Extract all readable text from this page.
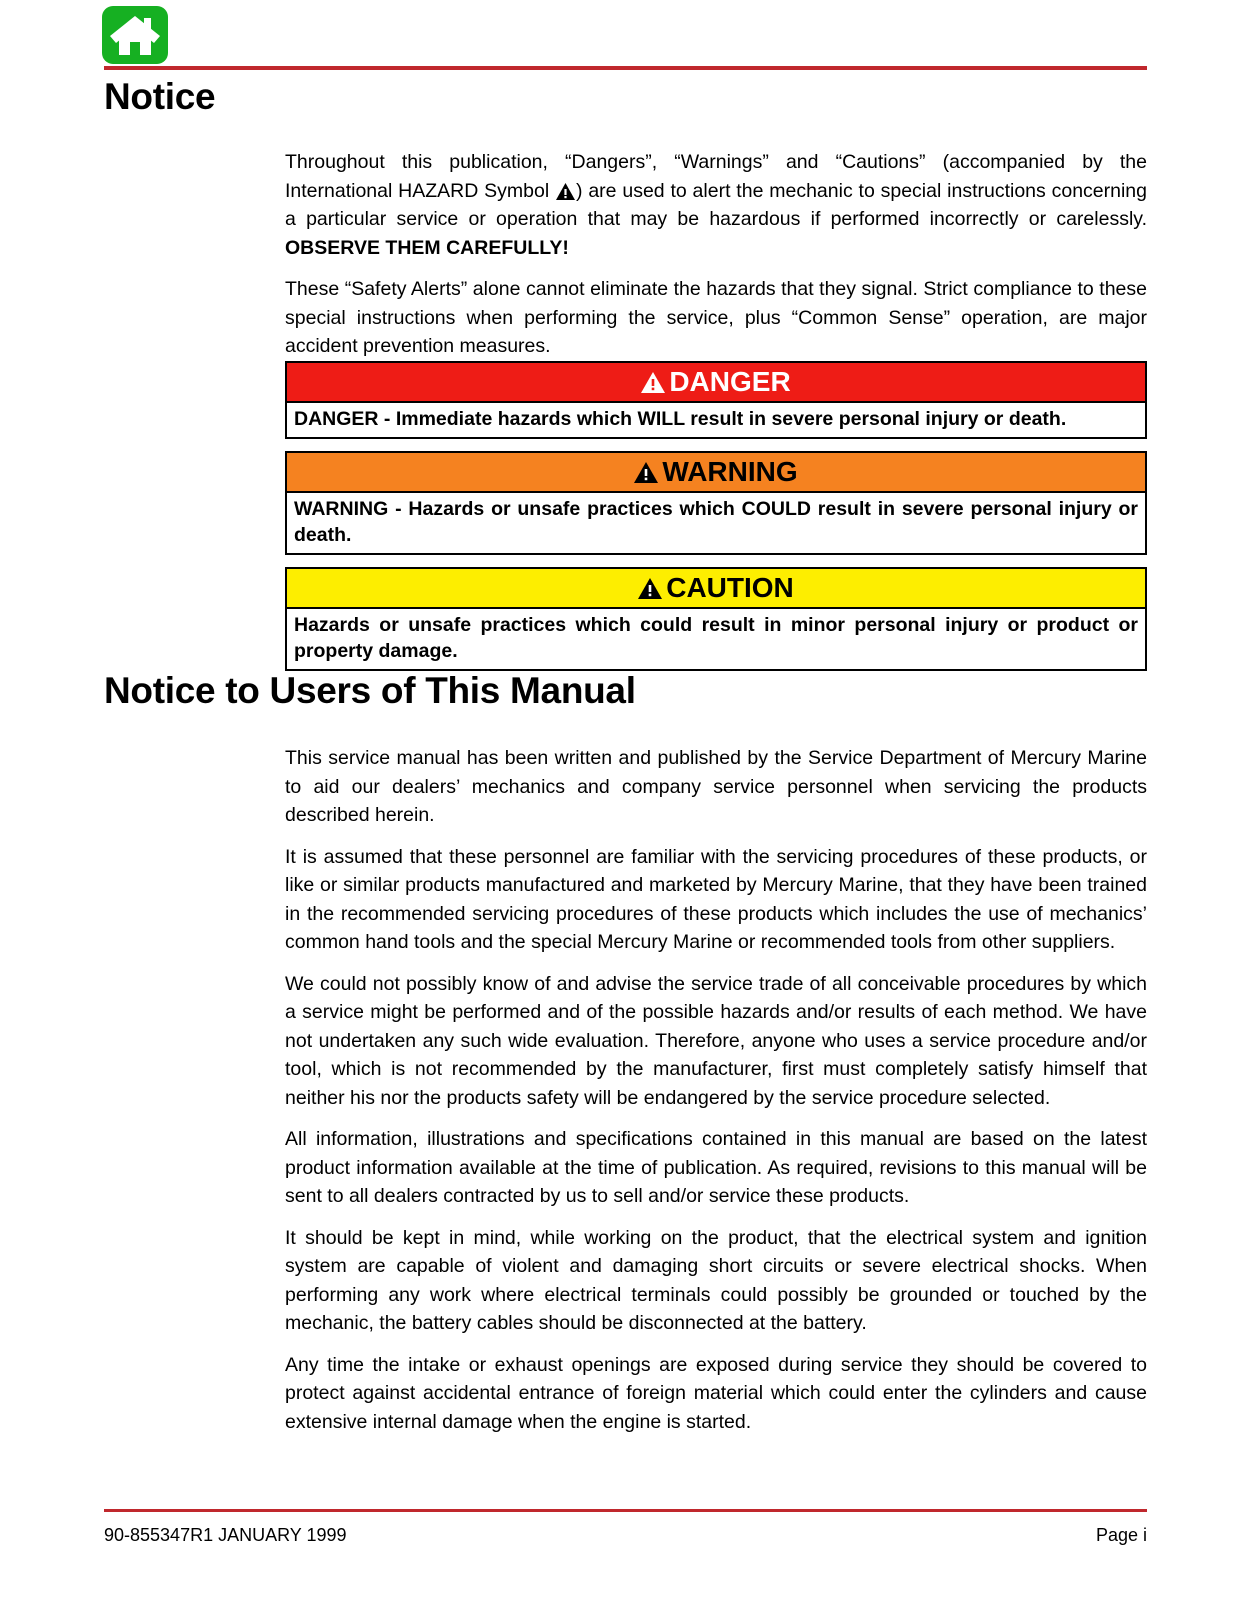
Notice

Throughout this publication, “Dangers”, “Warnings” and “Cautions” (accompanied by the International HAZARD Symbol
) are used to alert the mechanic to special instructions concerning a particular service or operation that may be hazardous if performed incorrectly or carelessly. OBSERVE THEM CAREFULLY!

These “Safety Alerts” alone cannot eliminate the hazards that they signal. Strict compliance to these special instructions when performing the service, plus “Common Sense” operation, are major accident prevention measures.

DANGER
DANGER - Immediate hazards which WILL result in severe personal injury or death.
WARNING
WARNING - Hazards or unsafe practices which COULD result in severe personal injury or death.
CAUTION
Hazards or unsafe practices which could result in minor personal injury or product or property damage.
Notice to Users of This Manual

This service manual has been written and published by the Service Department of Mercury Marine to aid our dealers’ mechanics and company service personnel when servicing the products described herein.

It is assumed that these personnel are familiar with the servicing procedures of these products, or like or similar products manufactured and marketed by Mercury Marine, that they have been trained in the recommended servicing procedures of these products which includes the use of mechanics’ common hand tools and the special Mercury Marine or recommended tools from other suppliers.

We could not possibly know of and advise the service trade of all conceivable procedures by which a service might be performed and of the possible hazards and/or results of each method. We have not undertaken any such wide evaluation. Therefore, anyone who uses a service procedure and/or tool, which is not recommended by the manufacturer, first must completely satisfy himself that neither his nor the products safety will be endangered by the service procedure selected.

All information, illustrations and specifications contained in this manual are based on the latest product information available at the time of publication. As required, revisions to this manual will be sent to all dealers contracted by us to sell and/or service these products.

It should be kept in mind, while working on the product, that the electrical system and ignition system are capable of violent and damaging short circuits or severe electrical shocks. When performing any work where electrical terminals could possibly be grounded or touched by the mechanic, the battery cables should be disconnected at the battery.

Any time the intake or exhaust openings are exposed during service they should be covered to protect against accidental entrance of foreign material which could enter the cylinders and cause extensive internal damage when the engine is started.

90-855347R1 JANUARY 1999	Page i
